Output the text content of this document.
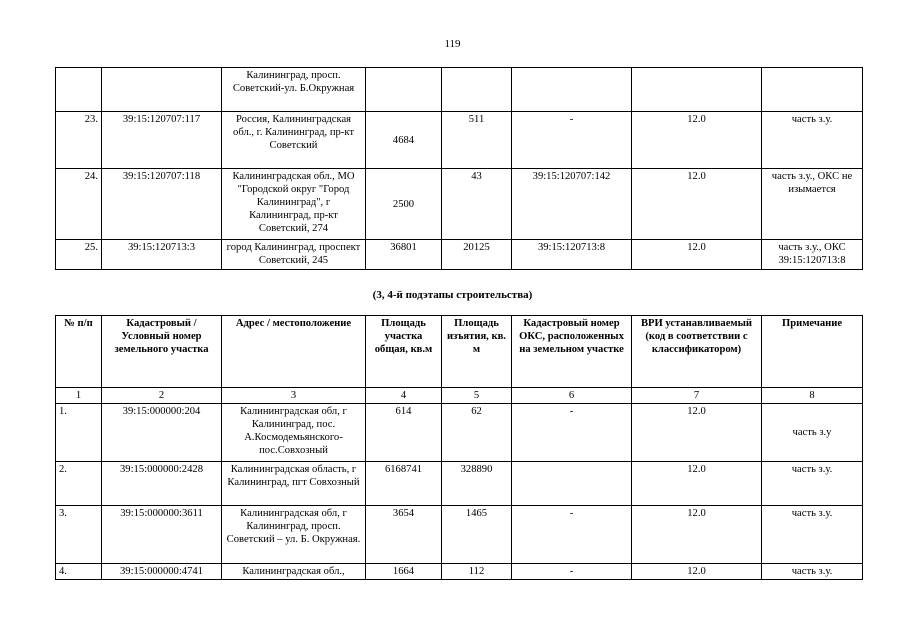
119
		Калининград, просп. Советский-ул. Б.Окружная					
23.	39:15:120707:117	Россия, Калининградская обл., г. Калининград, пр-кт Советский	4684	511	-	12.0	часть з.у.
24.	39:15:120707:118	Калининградская обл., МО "Городской округ "Город Калининград", г Калининград, пр-кт Советский, 274	2500	43	39:15:120707:142	12.0	часть з.у., ОКС не изымается
25.	39:15:120713:3	город Калининград, проспект Советский, 245	36801	20125	39:15:120713:8	12.0	часть з.у., ОКС 39:15:120713:8
(3, 4-й подэтапы строительства)
№ п/п	Кадастровый / Условный номер земельного участка	Адрес / местоположение	Площадь участка общая, кв.м	Площадь изъятия, кв. м	Кадастровый номер ОКС, расположенных на земельном участке	ВРИ устанавливаемый (код в соответствии с классификатором)	Примечание
1	2	3	4	5	6	7	8
1.	39:15:000000:204	Калининградская обл, г Калининград, пос. А.Космодемьянского-пос.Совхозный	614	62	-	12.0	часть з.у
2.	39:15:000000:2428	Калининградская область, г Калининград, пгт Совхозный	6168741	328890		12.0	часть з.у.
3.	39:15:000000:3611	Калининградская обл, г Калининград, просп. Советский – ул. Б. Окружная.	3654	1465	-	12.0	часть з.у.
4.	39:15:000000:4741	Калининградская обл.,	1664	112	-	12.0	часть з.у.
